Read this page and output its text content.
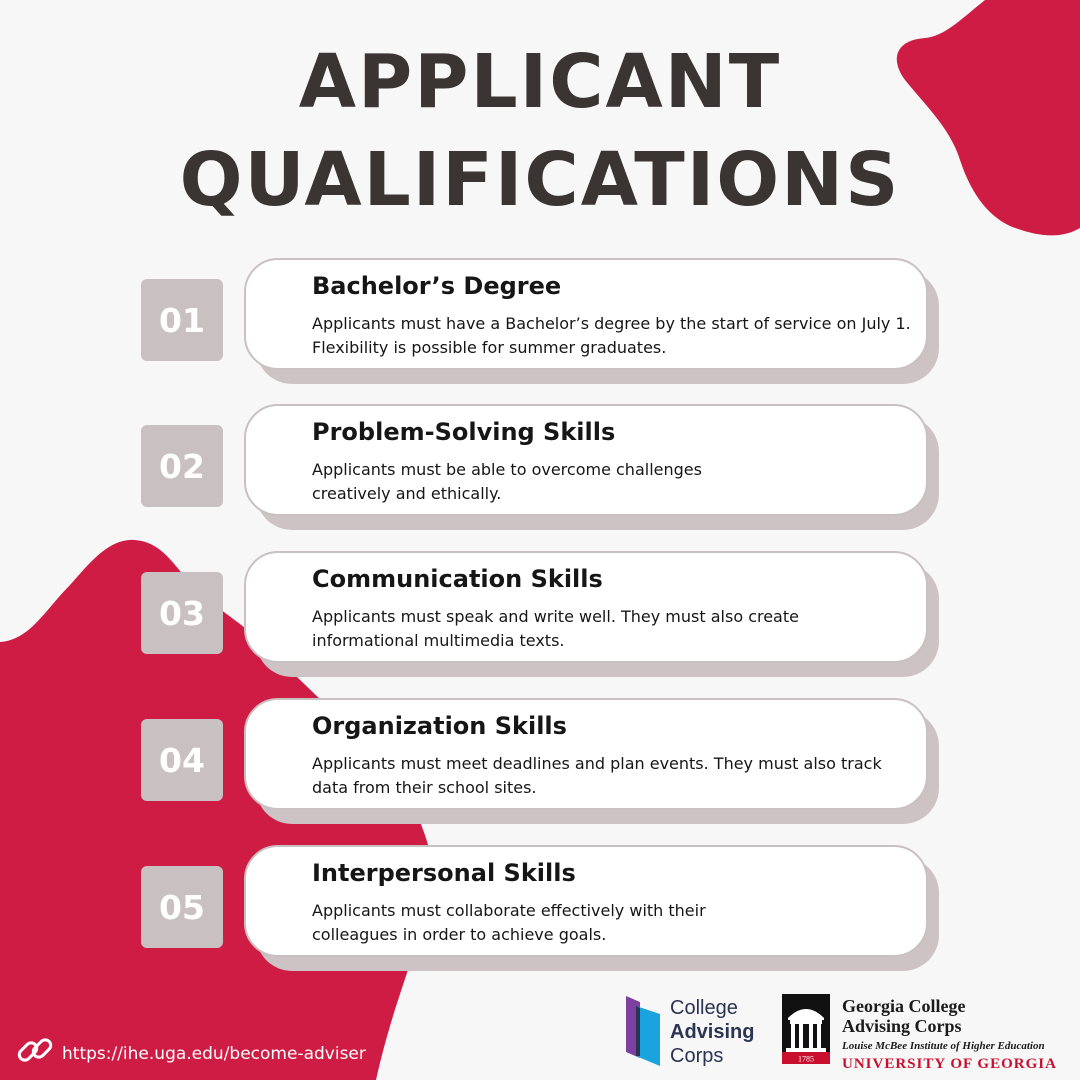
APPLICANT
QUALIFICATIONS
01
Bachelor’s Degree
Applicants must have a Bachelor’s degree by the start of service on July 1. Flexibility is possible for summer graduates.
02
Problem-Solving Skills
Applicants must be able to overcome challenges creatively and ethically.
03
Communication Skills
Applicants must speak and write well. They must also create informational multimedia texts.
04
Organization Skills
Applicants must meet deadlines and plan events. They must also track data from their school sites.
05
Interpersonal Skills
Applicants must collaborate effectively with their colleagues in order to achieve goals.
https://ihe.uga.edu/become-adviser
College
Advising
Corps	1785
Georgia College
Advising Corps
Louise McBee Institute of Higher Education
UNIVERSITY OF GEORGIA
